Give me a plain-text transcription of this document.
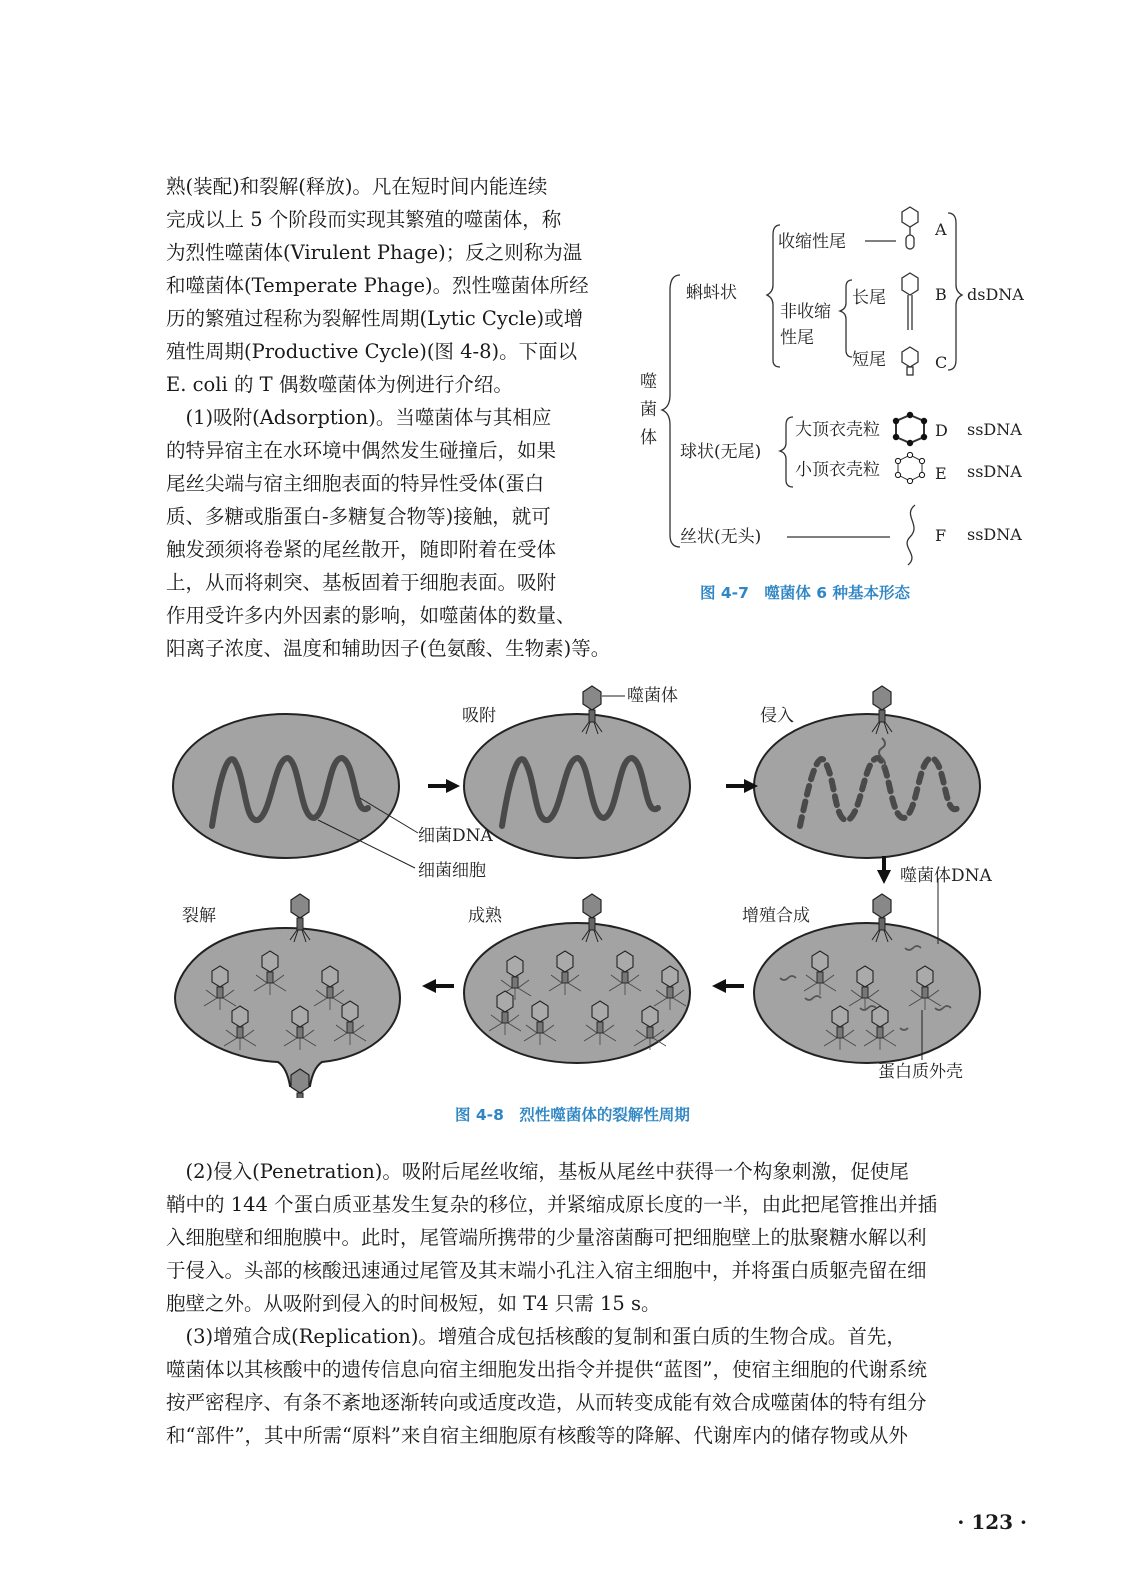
熟(装配)和裂解(释放)。凡在短时间内能连续
完成以上 5 个阶段而实现其繁殖的噬菌体，称
为烈性噬菌体(Virulent Phage)；反之则称为温
和噬菌体(Temperate Phage)。烈性噬菌体所经
历的繁殖过程称为裂解性周期(Lytic Cycle)或增
殖性周期(Productive Cycle)(图 4-8)。下面以
E. coli 的 T 偶数噬菌体为例进行介绍。
　(1)吸附(Adsorption)。当噬菌体与其相应
的特异宿主在水环境中偶然发生碰撞后，如果
尾丝尖端与宿主细胞表面的特异性受体(蛋白
质、多糖或脂蛋白-多糖复合物等)接触，就可
触发颈须将卷紧的尾丝散开，随即附着在受体
上，从而将刺突、基板固着于细胞表面。吸附
作用受许多内外因素的影响，如噬菌体的数量、
阳离子浓度、温度和辅助因子(色氨酸、生物素)等。
噬菌体
蝌蚪状
收缩性尾
非收缩性尾
长尾
短尾
球状(无尾)
大顶衣壳粒
小顶衣壳粒
丝状(无头)
A
B
C
D
E
F
dsDNA
ssDNA
ssDNA
ssDNA
图 4-7　噬菌体 6 种基本形态
噬菌体
吸附	侵入
细菌DNA
细菌细胞	噬菌体DNA
裂解	成熟	增殖合成
蛋白质外壳
图 4-8　烈性噬菌体的裂解性周期
　(2)侵入(Penetration)。吸附后尾丝收缩，基板从尾丝中获得一个构象刺激，促使尾
鞘中的 144 个蛋白质亚基发生复杂的移位，并紧缩成原长度的一半，由此把尾管推出并插
入细胞壁和细胞膜中。此时，尾管端所携带的少量溶菌酶可把细胞壁上的肽聚糖水解以利
于侵入。头部的核酸迅速通过尾管及其末端小孔注入宿主细胞中，并将蛋白质躯壳留在细
胞壁之外。从吸附到侵入的时间极短，如 T4 只需 15 s。
　(3)增殖合成(Replication)。增殖合成包括核酸的复制和蛋白质的生物合成。首先，
噬菌体以其核酸中的遗传信息向宿主细胞发出指令并提供“蓝图”，使宿主细胞的代谢系统
按严密程序、有条不紊地逐渐转向或适度改造，从而转变成能有效合成噬菌体的特有组分
和“部件”，其中所需“原料”来自宿主细胞原有核酸等的降解、代谢库内的储存物或从外
· 123 ·
